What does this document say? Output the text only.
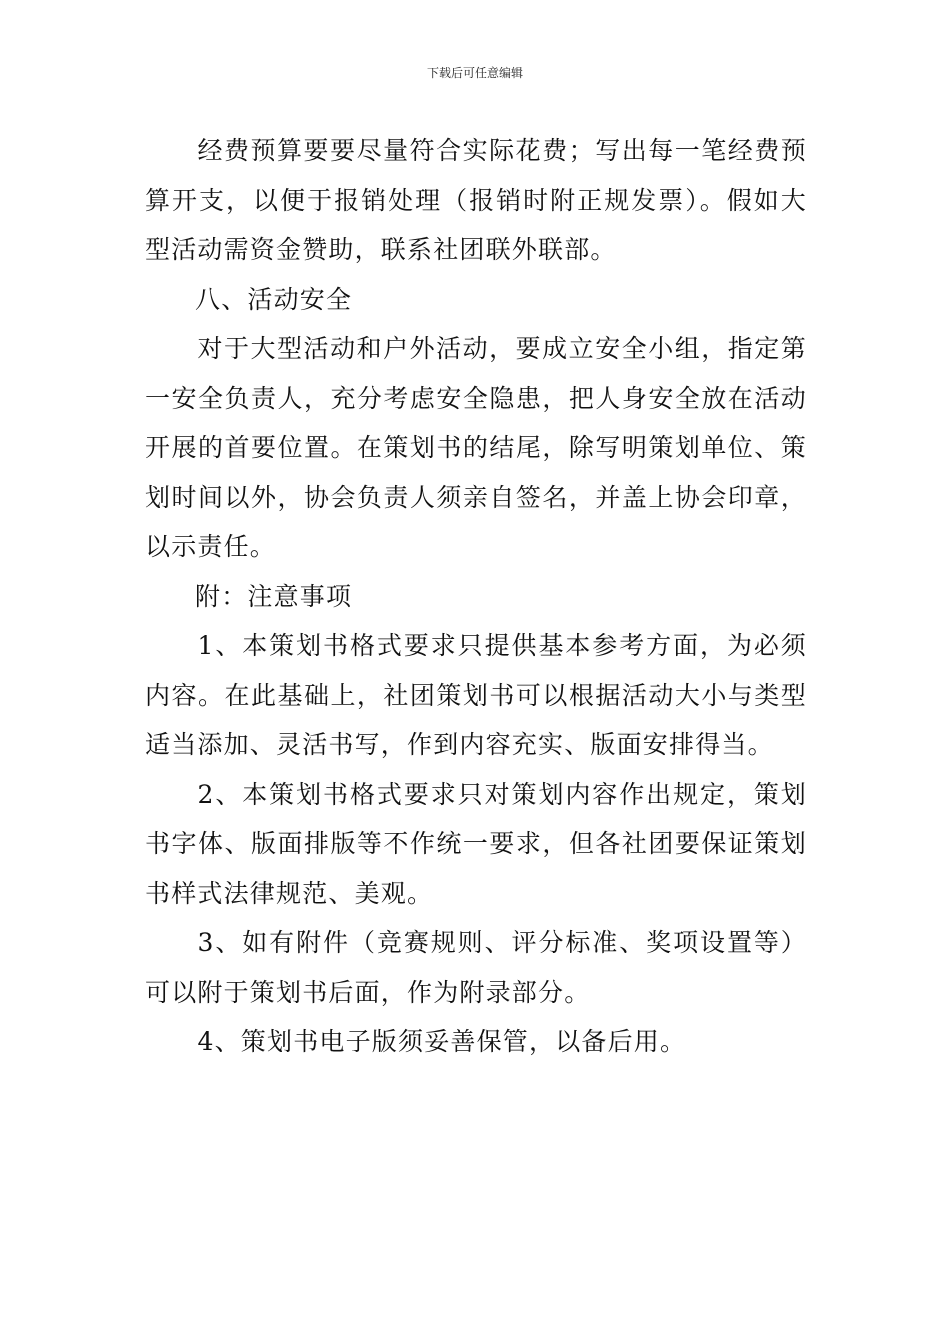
下载后可任意编辑

经费预算要要尽量符合实际花费；写出每一笔经费预算开支，以便于报销处理（报销时附正规发票）。假如大型活动需资金赞助，联系社团联外联部。

八、活动安全

对于大型活动和户外活动，要成立安全小组，指定第一安全负责人，充分考虑安全隐患，把人身安全放在活动开展的首要位置。在策划书的结尾，除写明策划单位、策划时间以外，协会负责人须亲自签名，并盖上协会印章，以示责任。

附：注意事项

1、本策划书格式要求只提供基本参考方面，为必须内容。在此基础上，社团策划书可以根据活动大小与类型适当添加、灵活书写，作到内容充实、版面安排得当。

2、本策划书格式要求只对策划内容作出规定，策划书字体、版面排版等不作统一要求，但各社团要保证策划书样式法律规范、美观。

3、如有附件（竞赛规则、评分标准、奖项设置等）可以附于策划书后面，作为附录部分。

4、策划书电子版须妥善保管，以备后用。
